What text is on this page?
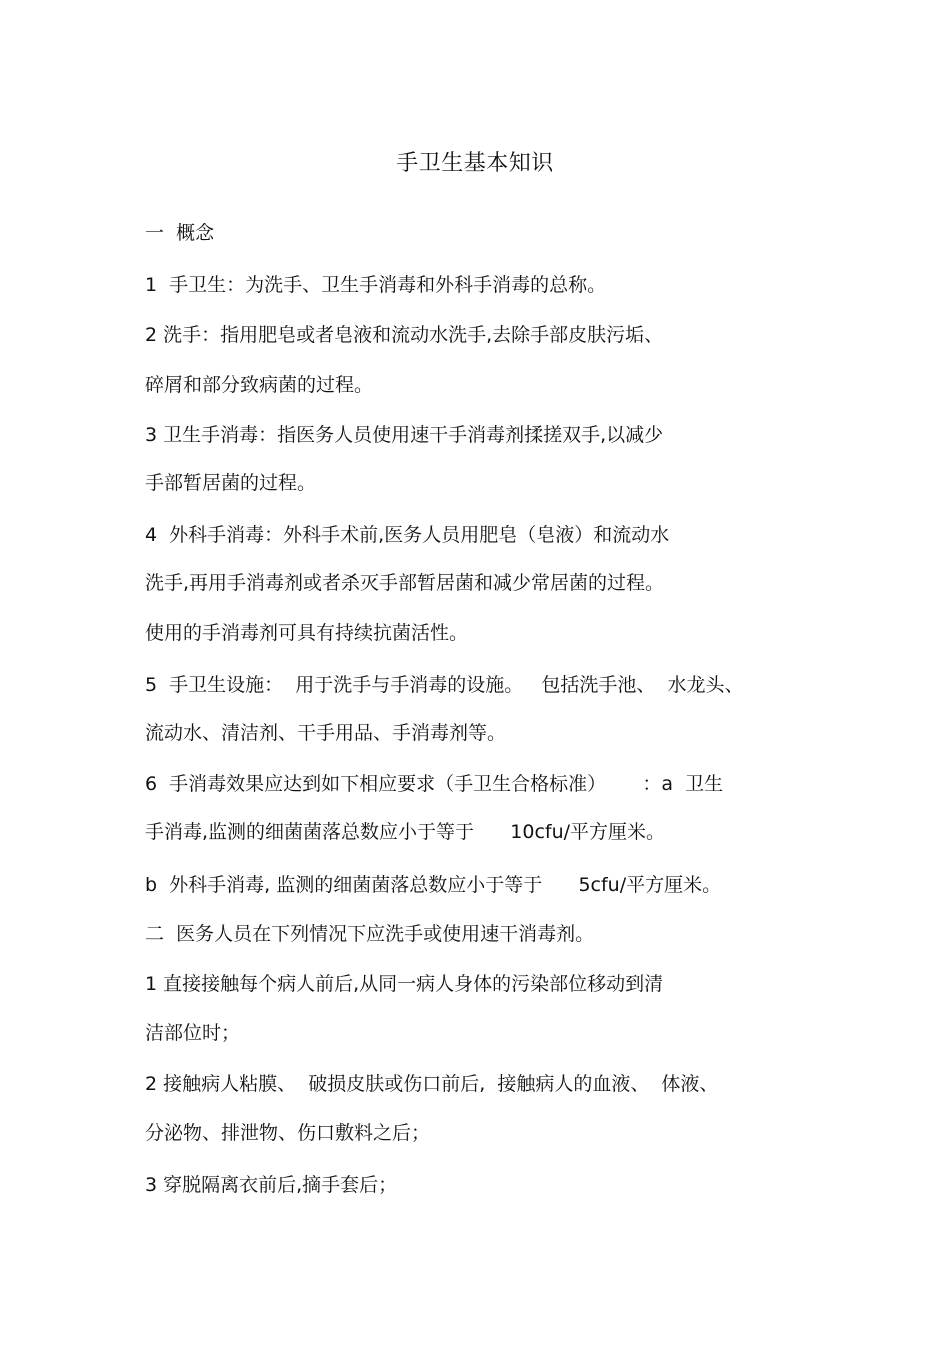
手卫生基本知识
一  概念
1  手卫生：为洗手、卫生手消毒和外科手消毒的总称。
2 洗手：指用肥皂或者皂液和流动水洗手,去除手部皮肤污垢、
碎屑和部分致病菌的过程。
3 卫生手消毒：指医务人员使用速干手消毒剂揉搓双手,以减少
手部暂居菌的过程。
4  外科手消毒：外科手术前,医务人员用肥皂（皂液）和流动水
洗手,再用手消毒剂或者杀灭手部暂居菌和减少常居菌的过程。
使用的手消毒剂可具有持续抗菌活性。
5  手卫生设施：  用于洗手与手消毒的设施。   包括洗手池、  水龙头、
流动水、清洁剂、干手用品、手消毒剂等。
6  手消毒效果应达到如下相应要求（手卫生合格标准）      ：a  卫生
手消毒,监测的细菌菌落总数应小于等于      10cfu/平方厘米。
b  外科手消毒, 监测的细菌菌落总数应小于等于      5cfu/平方厘米。
二  医务人员在下列情况下应洗手或使用速干消毒剂。
1 直接接触每个病人前后,从同一病人身体的污染部位移动到清
洁部位时；
2 接触病人粘膜、  破损皮肤或伤口前后,  接触病人的血液、  体液、
分泌物、排泄物、伤口敷料之后；
3 穿脱隔离衣前后,摘手套后；
